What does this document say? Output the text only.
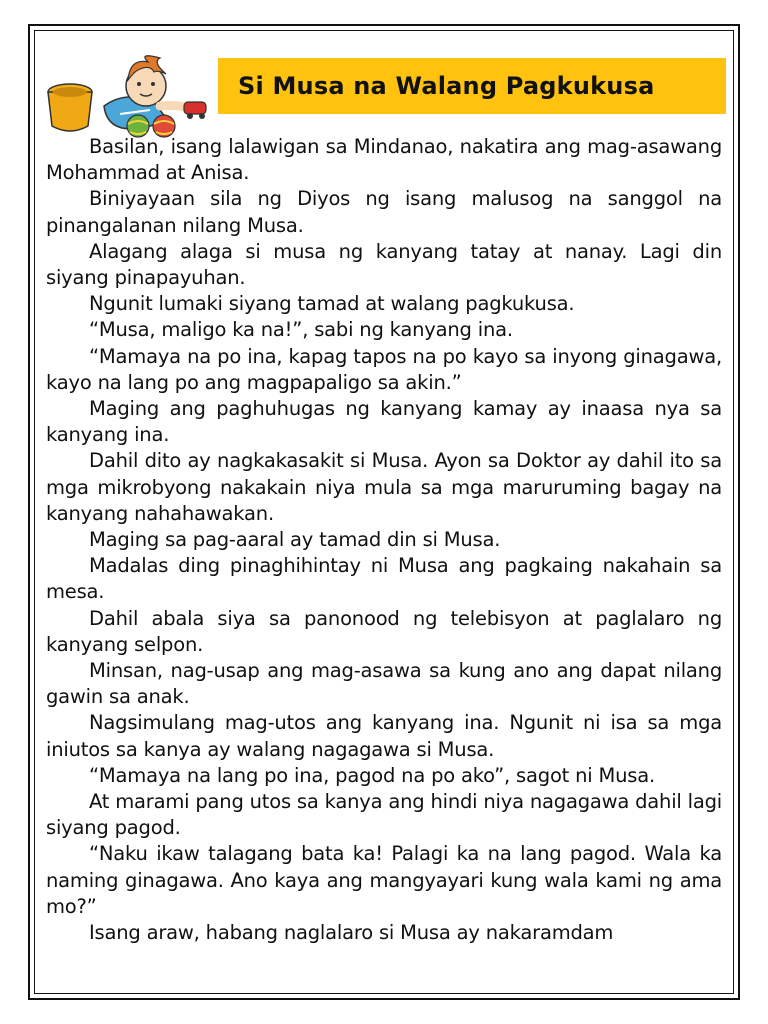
Si Musa na Walang Pagkukusa

Basilan, isang lalawigan sa Mindanao, nakatira ang mag-asawang Mohammad at Anisa.

Biniyayaan sila ng Diyos ng isang malusog na sanggol na pinangalanan nilang Musa.

Alagang alaga si musa ng kanyang tatay at nanay. Lagi din siyang pinapayuhan.

Ngunit lumaki siyang tamad at walang pagkukusa.

“Musa, maligo ka na!”, sabi ng kanyang ina.

“Mamaya na po ina, kapag tapos na po kayo sa inyong ginagawa, kayo na lang po ang magpapaligo sa akin.”

Maging ang paghuhugas ng kanyang kamay ay inaasa nya sa kanyang ina.

Dahil dito ay nagkakasakit si Musa. Ayon sa Doktor ay dahil ito sa mga mikrobyong nakakain niya mula sa mga maruruming bagay na kanyang nahahawakan.

Maging sa pag-aaral ay tamad din si Musa.

Madalas ding pinaghihintay ni Musa ang pagkaing nakahain sa mesa.

Dahil abala siya sa panonood ng telebisyon at paglalaro ng kanyang selpon.

Minsan, nag-usap ang mag-asawa sa kung ano ang dapat nilang gawin sa anak.

Nagsimulang mag-utos ang kanyang ina. Ngunit ni isa sa mga iniutos sa kanya ay walang nagagawa si Musa.

“Mamaya na lang po ina, pagod na po ako”, sagot ni Musa.

At marami pang utos sa kanya ang hindi niya nagagawa dahil lagi siyang pagod.

“Naku ikaw talagang bata ka! Palagi ka na lang pagod. Wala ka naming ginagawa. Ano kaya ang mangyayari kung wala kami ng ama mo?”

Isang araw, habang naglalaro si Musa ay nakaramdam
